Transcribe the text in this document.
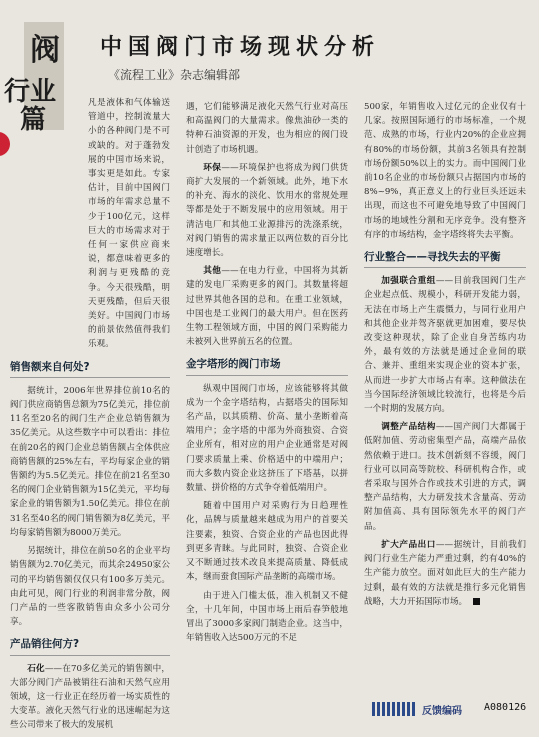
阀
行业
篇
中国阀门市场现状分析
《流程工业》杂志编辑部

凡是液体和气体输送管道中，控制流量大小的各种阀门是不可或缺的。对于蓬勃发展的中国市场来说，事实更是如此。专家估计，目前中国阀门市场的年需求总量不少于100亿元，这样巨大的市场需求对于任何一家供应商来说，都意味着更多的利润与更残酷的竞争。今天很残酷，明天更残酷，但后天很美好。中国阀门市场的前景依然值得我们乐观。

销售额来自何处?

据统计，2006年世界排位前10名的阀门供应商销售总额为75亿美元，排位前11名至20名的阀门生产企业总销售额为35亿美元。从这些数字中可以看出：排位在前20名的阀门企业总销售额占全体供应商销售额的25%左右，平均每家企业的销售额约为5.5亿美元。排位在前21名至30名的阀门企业销售额为15亿美元，平均每家企业的销售额为1.50亿美元。排位在前31名至40名的阀门销售额为8亿美元，平均每家销售额为8000万美元。

另据统计，排位在前50名的企业平均销售额为2.70亿美元，而其余24950家公司的平均销售额仅仅只有100多万美元。由此可见，阀门行业的利润非常分散，阀门产品的一些客散销售由众多小公司分享。

产品销往何方?

石化——在70多亿美元的销售额中，大部分阀门产品被销往石油和天然气应用领域，这一行业正在经历着一场实质性的大变革。液化天然气行业的迅速崛起为这些公司带来了极大的发展机

遇，它们能够满足液化天然气行业对高压和高温阀门的大量需求。像焦油砂一类的特种石油资源的开发，也为相应的阀门设计创造了市场机遇。

环保——环境保护也将成为阀门供货商扩大发展的一个新领域。此外，地下水的补充、海水的淡化、饮用水的常规处理等都是处于不断发展中的应用领域。用于清洁电厂和其他工业源排污的洗涤系统，对阀门销售的需求量正以两位数的百分比速度增长。

其他——在电力行业，中国将为其新建的发电厂采购更多的阀门。其数量将超过世界其他各国的总和。在重工业领域，中国也是工业阀门的最大用户。但在医药生物工程领域方面，中国的阀门采购能力未被列入世界前五名的位置。

金字塔形的阀门市场

纵观中国阀门市场，应该能够将其做成为一个金字塔结构，占据塔尖的国际知名产品，以其质精、价高、量小垄断着高端用户；金字塔的中部为外商独资、合资企业所有，相对应的用户企业通常是对阀门要求质量上乘、价格适中的中端用户；而大多数内资企业这挤压了下塔基，以拼数量、拼价格的方式争夺着低端用户。

随着中国用户对采购行为日趋理性化，品牌与质量越来越成为用户的首要关注要素，独资、合资企业的产品也因此得到更多青睐。与此同时，独资、合资企业又不断通过技术改良来提高质量、降低成本，继而蚕食国际产品垄断的高端市场。

由于进入门槛太低，准入机制又不健全，十几年间，中国市场上雨后春笋般地冒出了3000多家阀门制造企业。这当中，年销售收入达500万元的不足

500家，年销售收入过亿元的企业仅有十几家。按照国际通行的市场标准，一个规范、成熟的市场，行业内20%的企业应拥有80%的市场份额，其前3名领具有控制市场份额50%以上的实力。而中国阀门业前10名企业的市场份额只占据国内市场的8%~9%，真正意义上的行业巨头还远未出现，而这也不可避免地导致了中国阀门市场的地域性分割和无序竞争。没有整齐有序的市场结构，金字塔终将失去平衡。

行业整合——寻找失去的平衡

加强联合重组——目前我国阀门生产企业起点低、规模小，科研开发能力弱，无法在市场上产生震慑力，与同行业用户和其他企业并驾齐驱就更加困难，要尽快改变这种现状，除了企业自身苦练内功外，最有效的方法就是通过企业间的联合、兼并、重组来实现企业的资本扩张，从而进一步扩大市场占有率。这种做法在当今国际经济领域比较流行，也将是今后一个时期的发展方向。

调整产品结构——国产阀门大都属于低附加值、劳动密集型产品，高端产品依然依赖于进口。技术创新刻不容缓，阀门行业可以同高等院校、科研机构合作，或者采取与国外合作或技术引进的方式，调整产品结构，大力研发技术含量高、劳动附加值高、具有国际领先水平的阀门产品。

扩大产品出口——据统计，目前我们阀门行业生产能力严重过剩，约有40%的生产能力放空。面对如此巨大的生产能力过剩，最有效的方法就是推行多元化销售战略，大力开拓国际市场。

反馈编码 A080126
